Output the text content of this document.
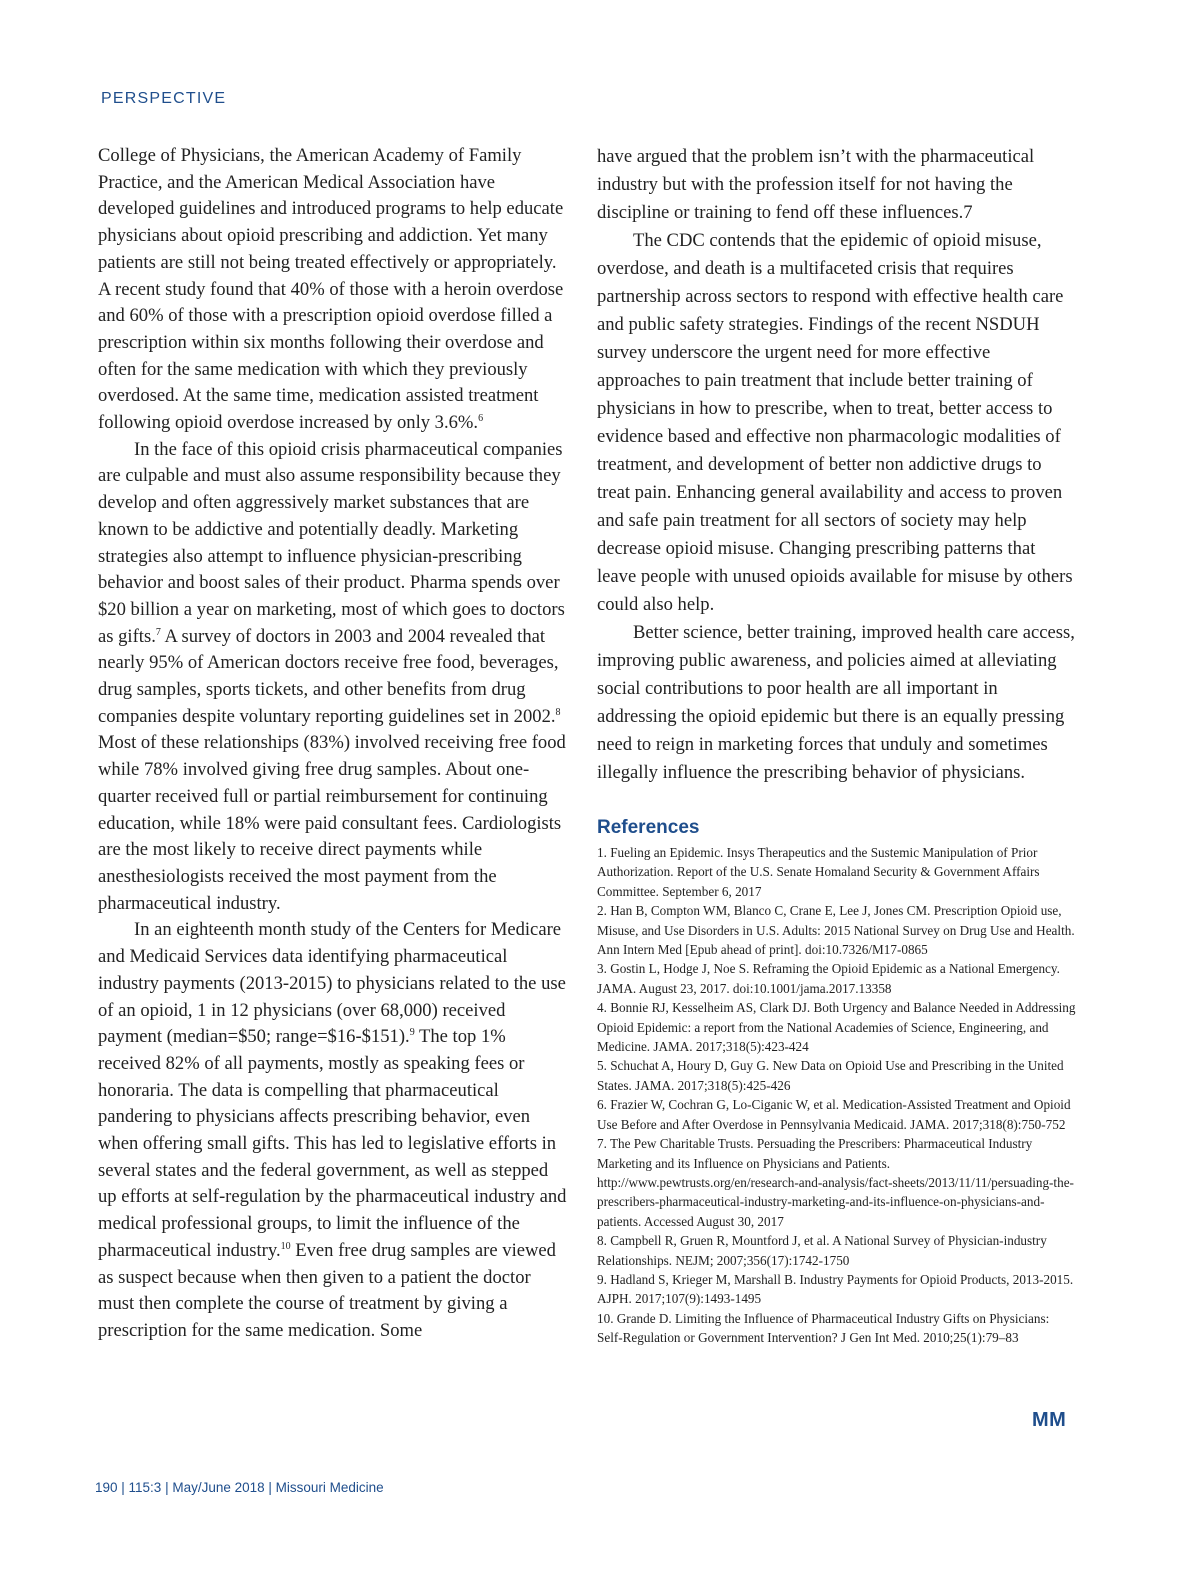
PERSPECTIVE

College of Physicians, the American Academy of Family Practice, and the American Medical Association have developed guidelines and introduced programs to help educate physicians about opioid prescribing and addiction. Yet many patients are still not being treated effectively or appropriately. A recent study found that 40% of those with a heroin overdose and 60% of those with a prescription opioid overdose filled a prescription within six months following their overdose and often for the same medication with which they previously overdosed. At the same time, medication assisted treatment following opioid overdose increased by only 3.6%.$^6$

In the face of this opioid crisis pharmaceutical companies are culpable and must also assume responsibility because they develop and often aggressively market substances that are known to be addictive and potentially deadly. Marketing strategies also attempt to influence physician-prescribing behavior and boost sales of their product. Pharma spends over $20 billion a year on marketing, most of which goes to doctors as gifts.$^7$ A survey of doctors in 2003 and 2004 revealed that nearly 95% of American doctors receive free food, beverages, drug samples, sports tickets, and other benefits from drug companies despite voluntary reporting guidelines set in 2002.$^8$ Most of these relationships (83%) involved receiving free food while 78% involved giving free drug samples. About one-quarter received full or partial reimbursement for continuing education, while 18% were paid consultant fees. Cardiologists are the most likely to receive direct payments while anesthesiologists received the most payment from the pharmaceutical industry.

In an eighteenth month study of the Centers for Medicare and Medicaid Services data identifying pharmaceutical industry payments (2013-2015) to physicians related to the use of an opioid, 1 in 12 physicians (over 68,000) received payment (median=$50; range=$16-$151).$^9$ The top 1% received 82% of all payments, mostly as speaking fees or honoraria. The data is compelling that pharmaceutical pandering to physicians affects prescribing behavior, even when offering small gifts. This has led to legislative efforts in several states and the federal government, as well as stepped up efforts at self-regulation by the pharmaceutical industry and medical professional groups, to limit the influence of the pharmaceutical industry.$^{10}$ Even free drug samples are viewed as suspect because when then given to a patient the doctor must then complete the course of treatment by giving a prescription for the same medication. Some

have argued that the problem isn’t with the pharmaceutical industry but with the profession itself for not having the discipline or training to fend off these influences.7

The CDC contends that the epidemic of opioid misuse, overdose, and death is a multifaceted crisis that requires partnership across sectors to respond with effective health care and public safety strategies. Findings of the recent NSDUH survey underscore the urgent need for more effective approaches to pain treatment that include better training of physicians in how to prescribe, when to treat, better access to evidence based and effective non pharmacologic modalities of treatment, and development of better non addictive drugs to treat pain. Enhancing general availability and access to proven and safe pain treatment for all sectors of society may help decrease opioid misuse. Changing prescribing patterns that leave people with unused opioids available for misuse by others could also help.

Better science, better training, improved health care access, improving public awareness, and policies aimed at alleviating social contributions to poor health are all important in addressing the opioid epidemic but there is an equally pressing need to reign in marketing forces that unduly and sometimes illegally influence the prescribing behavior of physicians.

References
1. Fueling an Epidemic. Insys Therapeutics and the Sustemic Manipulation of Prior Authorization. Report of the U.S. Senate Homaland Security & Government Affairs Committee. September 6, 2017
2. Han B, Compton WM, Blanco C, Crane E, Lee J, Jones CM. Prescription Opioid use, Misuse, and Use Disorders in U.S. Adults: 2015 National Survey on Drug Use and Health. Ann Intern Med [Epub ahead of print]. doi:10.7326/M17-0865
3. Gostin L, Hodge J, Noe S. Reframing the Opioid Epidemic as a National Emergency. JAMA. August 23, 2017. doi:10.1001/jama.2017.13358
4. Bonnie RJ, Kesselheim AS, Clark DJ. Both Urgency and Balance Needed in Addressing Opioid Epidemic: a report from the National Academies of Science, Engineering, and Medicine. JAMA. 2017;318(5):423-424
5. Schuchat A, Houry D, Guy G. New Data on Opioid Use and Prescribing in the United States. JAMA. 2017;318(5):425-426
6. Frazier W, Cochran G, Lo-Ciganic W, et al. Medication-Assisted Treatment and Opioid Use Before and After Overdose in Pennsylvania Medicaid. JAMA. 2017;318(8):750-752
7. The Pew Charitable Trusts. Persuading the Prescribers: Pharmaceutical Industry Marketing and its Influence on Physicians and Patients. http://www.pewtrusts.org/en/research-and-analysis/fact-sheets/2013/11/11/persuading-the-prescribers-pharmaceutical-industry-marketing-and-its-influence-on-physicians-and-patients. Accessed August 30, 2017
8. Campbell R, Gruen R, Mountford J, et al. A National Survey of Physician-industry Relationships. NEJM; 2007;356(17):1742-1750
9. Hadland S, Krieger M, Marshall B. Industry Payments for Opioid Products, 2013-2015. AJPH. 2017;107(9):1493-1495
10. Grande D. Limiting the Influence of Pharmaceutical Industry Gifts on Physicians: Self-Regulation or Government Intervention? J Gen Int Med. 2010;25(1):79–83
MM
190 | 115:3 | May/June 2018 | Missouri Medicine
